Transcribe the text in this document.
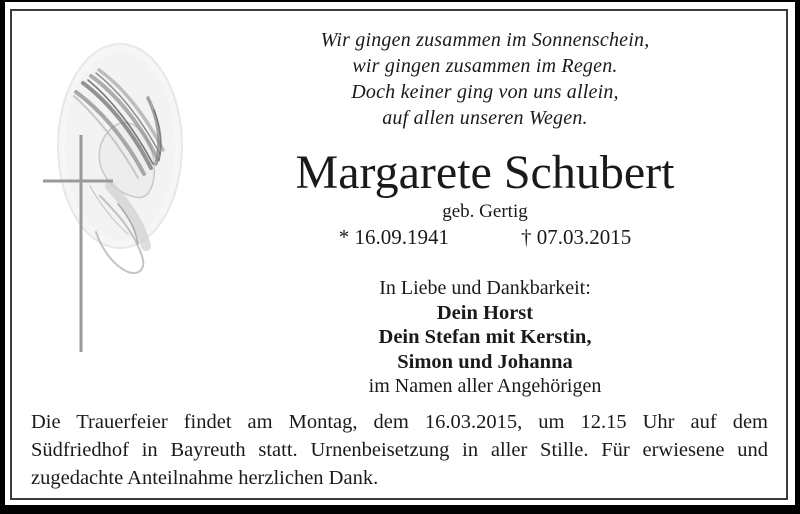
Wir gingen zusammen im Sonnenschein,
wir gingen zusammen im Regen.
Doch keiner ging von uns allein,
auf allen unseren Wegen.
Margarete Schubert
geb. Gertig
* 16.09.1941	† 07.03.2015
In Liebe und Dankbarkeit:
Dein Horst
Dein Stefan mit Kerstin,
Simon und Johanna
im Namen aller Angehörigen
Die Trauerfeier findet am Montag, dem 16.03.2015, um 12.15 Uhr auf dem
Südfriedhof in Bayreuth statt. Urnenbeisetzung in aller Stille. Für erwiesene und
zugedachte Anteilnahme herzlichen Dank.
